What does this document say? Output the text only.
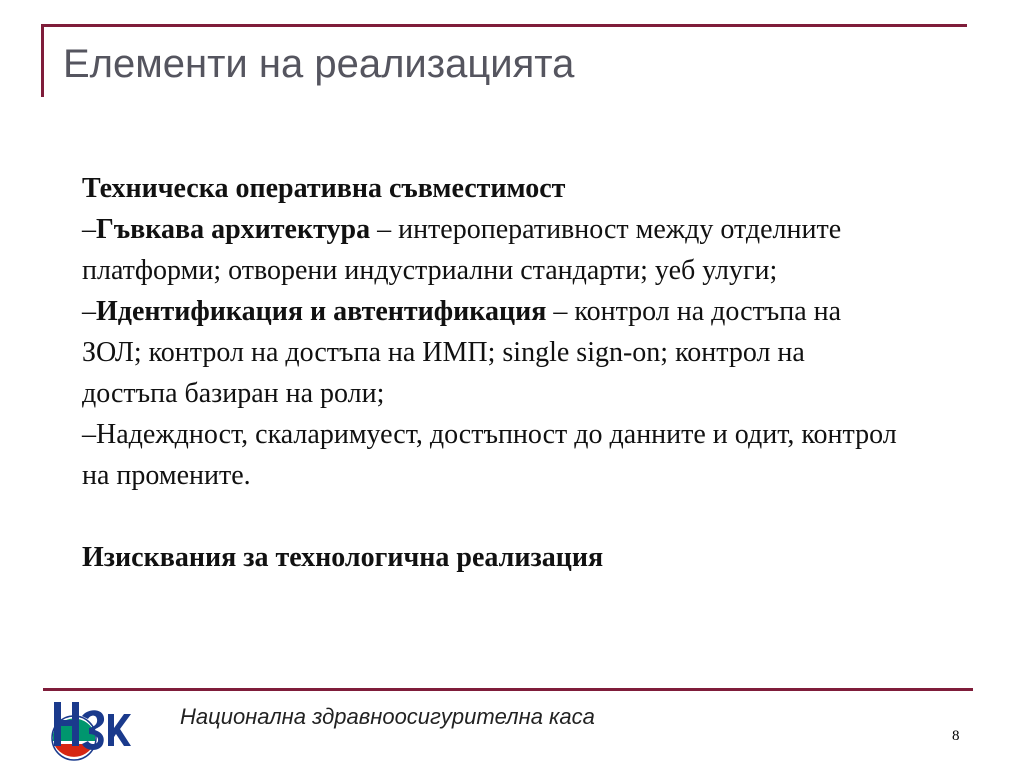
Елементи на реализацията

Техническа оперативна съвместимост

–Гъвкава архитектура – интероперативност между отделните платформи; отворени индустриални стандарти; уеб улуги;

–Идентификация и автентификация – контрол на достъпа на ЗОЛ; контрол на достъпа на ИМП; single sign-on; контрол на достъпа базиран на роли;

–Надеждност, скаларимуест, достъпност до данните и одит, контрол на промените.

Изисквания за технологична реализация

Национална здравноосигурителна каса
8
